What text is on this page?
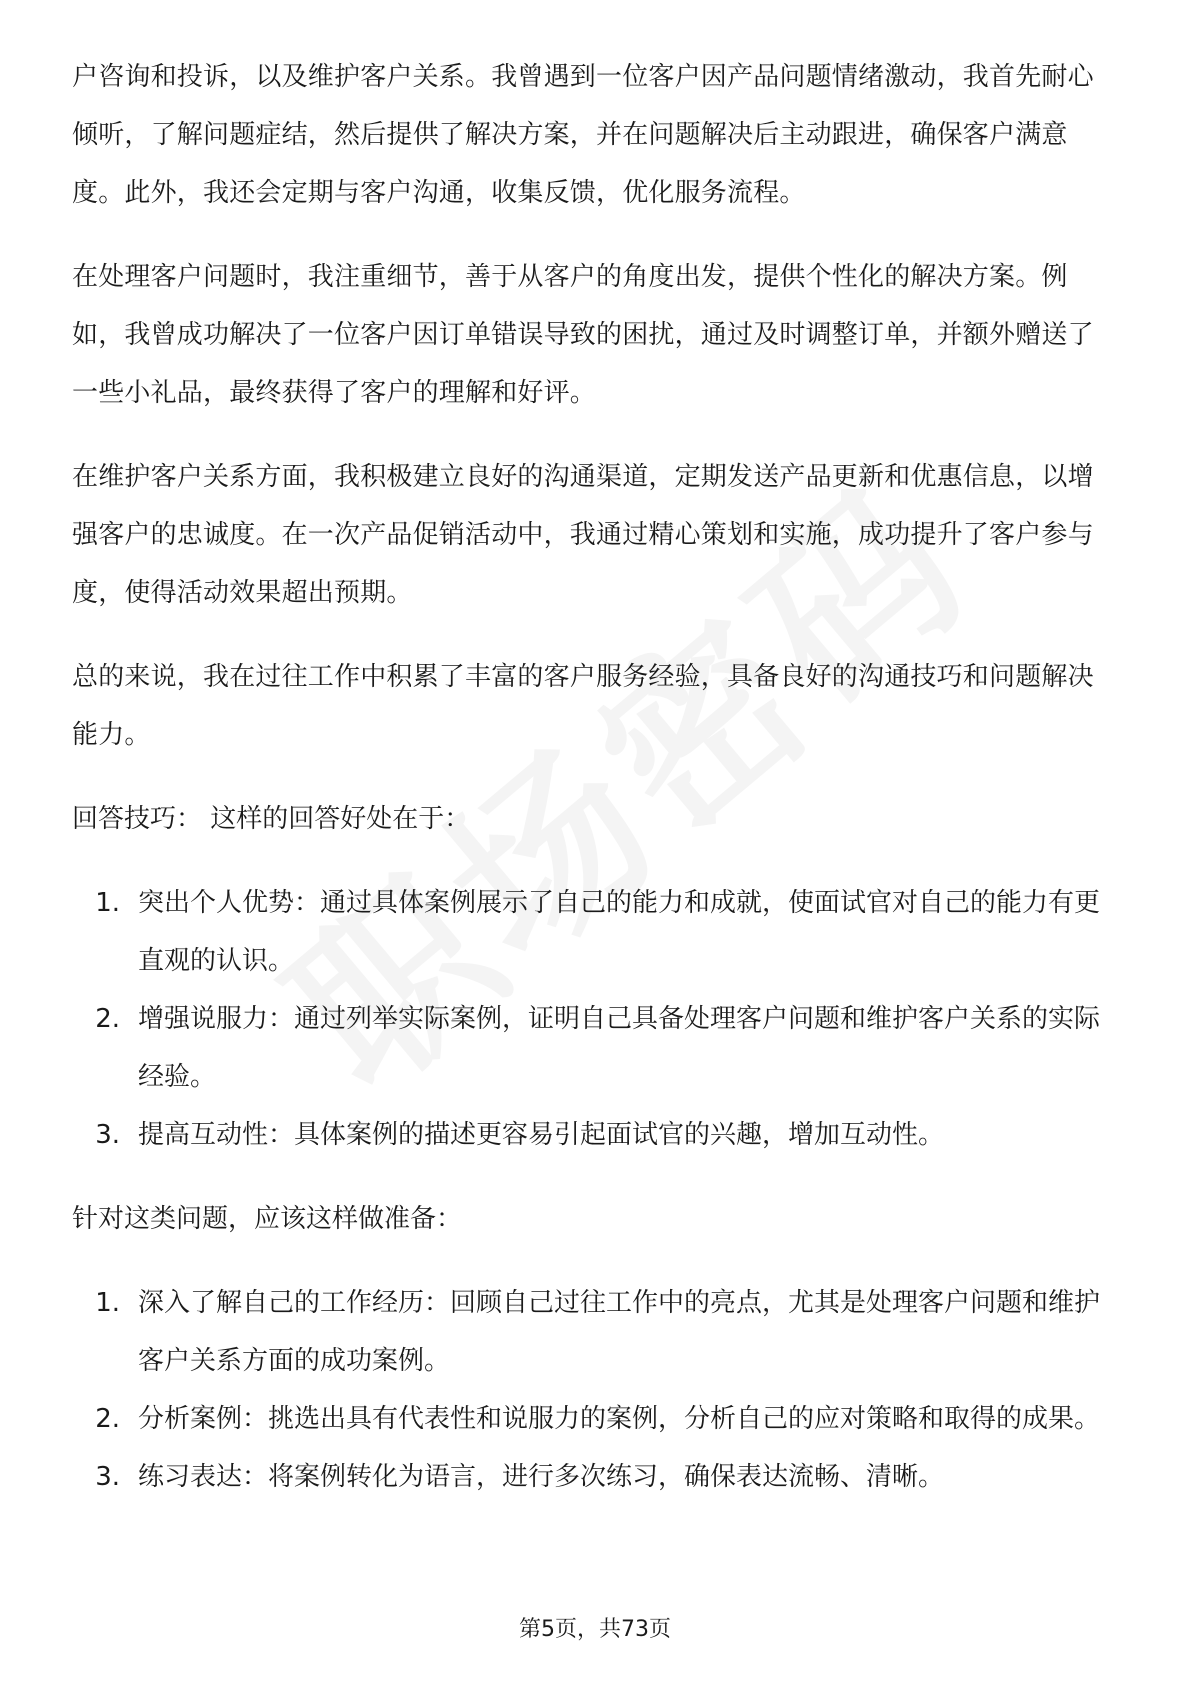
户咨询和投诉，以及维护客户关系。我曾遇到一位客户因产品问题情绪激动，我首先耐心倾听，了解问题症结，然后提供了解决方案，并在问题解决后主动跟进，确保客户满意度。此外，我还会定期与客户沟通，收集反馈，优化服务流程。

在处理客户问题时，我注重细节，善于从客户的角度出发，提供个性化的解决方案。例如，我曾成功解决了一位客户因订单错误导致的困扰，通过及时调整订单，并额外赠送了一些小礼品，最终获得了客户的理解和好评。

在维护客户关系方面，我积极建立良好的沟通渠道，定期发送产品更新和优惠信息，以增强客户的忠诚度。在一次产品促销活动中，我通过精心策划和实施，成功提升了客户参与度，使得活动效果超出预期。

总的来说，我在过往工作中积累了丰富的客户服务经验，具备良好的沟通技巧和问题解决能力。

回答技巧： 这样的回答好处在于：

1. 突出个人优势：通过具体案例展示了自己的能力和成就，使面试官对自己的能力有更直观的认识。
2. 增强说服力：通过列举实际案例，证明自己具备处理客户问题和维护客户关系的实际经验。
3. 提高互动性：具体案例的描述更容易引起面试官的兴趣，增加互动性。

针对这类问题，应该这样做准备：

1. 深入了解自己的工作经历：回顾自己过往工作中的亮点，尤其是处理客户问题和维护客户关系方面的成功案例。
2. 分析案例：挑选出具有代表性和说服力的案例，分析自己的应对策略和取得的成果。
3. 练习表达：将案例转化为语言，进行多次练习，确保表达流畅、清晰。
第5页，共73页
